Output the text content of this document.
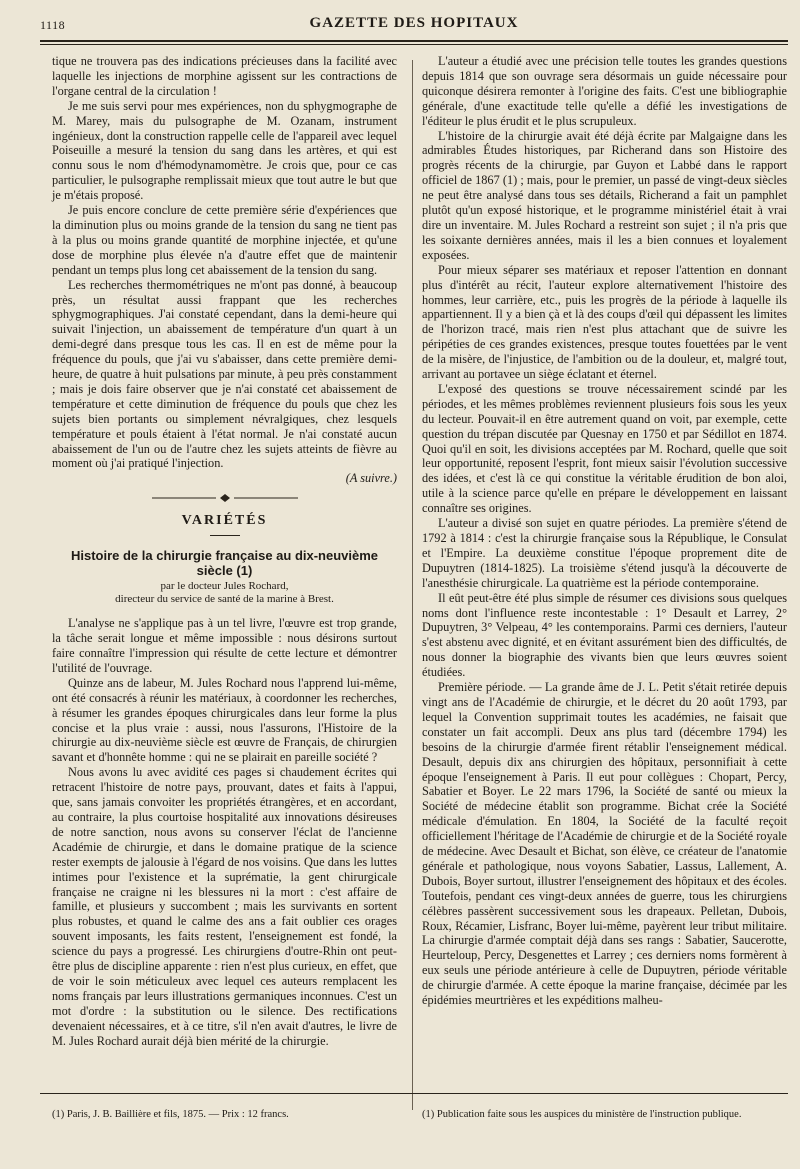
1118	GAZETTE DES HOPITAUX

tique ne trouvera pas des indications précieuses dans la facilité avec laquelle les injections de morphine agissent sur les contractions de l'organe central de la circulation !

Je me suis servi pour mes expériences, non du sphygmographe de M. Marey, mais du pulsographe de M. Ozanam, instrument ingénieux, dont la construction rappelle celle de l'appareil avec lequel Poiseuille a mesuré la tension du sang dans les artères, et qui est connu sous le nom d'hémodynamomètre. Je crois que, pour ce cas particulier, le pulsographe remplissait mieux que tout autre le but que je m'étais proposé.

Je puis encore conclure de cette première série d'expériences que la diminution plus ou moins grande de la tension du sang ne tient pas à la plus ou moins grande quantité de morphine injectée, et qu'une dose de morphine plus élevée n'a d'autre effet que de maintenir pendant un temps plus long cet abaissement de la tension du sang.

Les recherches thermométriques ne m'ont pas donné, à beaucoup près, un résultat aussi frappant que les recherches sphygmographiques. J'ai constaté cependant, dans la demi-heure qui suivait l'injection, un abaissement de température d'un quart à un demi-degré dans presque tous les cas. Il en est de même pour la fréquence du pouls, que j'ai vu s'abaisser, dans cette première demi-heure, de quatre à huit pulsations par minute, à peu près constamment ; mais je dois faire observer que je n'ai constaté cet abaissement de température et cette diminution de fréquence du pouls que chez les sujets bien portants ou simplement névralgiques, chez lesquels température et pouls étaient à l'état normal. Je n'ai constaté aucun abaissement de l'un ou de l'autre chez les sujets atteints de fièvre au moment où j'ai pratiqué l'injection.

(A suivre.)

VARIÉTÉS
Histoire de la chirurgie française au dix-neuvième siècle (1)
par le docteur Jules Rochard,
directeur du service de santé de la marine à Brest.

L'analyse ne s'applique pas à un tel livre, l'œuvre est trop grande, la tâche serait longue et même impossible : nous désirons surtout faire connaître l'impression qui résulte de cette lecture et démontrer l'utilité de l'ouvrage.

Quinze ans de labeur, M. Jules Rochard nous l'apprend lui-même, ont été consacrés à réunir les matériaux, à coordonner les recherches, à résumer les grandes époques chirurgicales dans leur forme la plus concise et la plus vraie : aussi, nous l'assurons, l'Histoire de la chirurgie au dix-neuvième siècle est œuvre de Français, de chirurgien savant et d'honnête homme : qui ne se plairait en pareille société ?

Nous avons lu avec avidité ces pages si chaudement écrites qui retracent l'histoire de notre pays, prouvant, dates et faits à l'appui, que, sans jamais convoiter les propriétés étrangères, et en accordant, au contraire, la plus courtoise hospitalité aux innovations désireuses de notre sanction, nous avons su conserver l'éclat de l'ancienne Académie de chirurgie, et dans le domaine pratique de la science rester exempts de jalousie à l'égard de nos voisins. Que dans les luttes intimes pour l'existence et la suprématie, la gent chirurgicale française ne craigne ni les blessures ni la mort : c'est affaire de famille, et plusieurs y succombent ; mais les survivants en sortent plus robustes, et quand le calme des ans a fait oublier ces orages souvent imposants, les faits restent, l'enseignement est fondé, la science du pays a progressé. Les chirurgiens d'outre-Rhin ont peut-être plus de discipline apparente : rien n'est plus curieux, en effet, que de voir le soin méticuleux avec lequel ces auteurs remplacent les noms français par leurs illustrations germaniques inconnues. C'est un mot d'ordre : la substitution ou le silence. Des rectifications devenaient nécessaires, et à ce titre, s'il n'en avait d'autres, le livre de M. Jules Rochard aurait déjà bien mérité de la chirurgie.

L'auteur a étudié avec une précision telle toutes les grandes questions depuis 1814 que son ouvrage sera désormais un guide nécessaire pour quiconque désirera remonter à l'origine des faits. C'est une bibliographie générale, d'une exactitude telle qu'elle a défié les investigations de l'éditeur le plus érudit et le plus scrupuleux.

L'histoire de la chirurgie avait été déjà écrite par Malgaigne dans les admirables Études historiques, par Richerand dans son Histoire des progrès récents de la chirurgie, par Guyon et Labbé dans le rapport officiel de 1867 (1) ; mais, pour le premier, un passé de vingt-deux siècles ne peut être analysé dans tous ses détails, Richerand a fait un pamphlet plutôt qu'un exposé historique, et le programme ministériel était à vrai dire un inventaire. M. Jules Rochard a restreint son sujet ; il n'a pris que les soixante dernières années, mais il les a bien connues et loyalement exposées.

Pour mieux séparer ses matériaux et reposer l'attention en donnant plus d'intérêt au récit, l'auteur explore alternativement l'histoire des hommes, leur carrière, etc., puis les progrès de la période à laquelle ils appartiennent. Il y a bien çà et là des coups d'œil qui dépassent les limites de l'horizon tracé, mais rien n'est plus attachant que de suivre les péripéties de ces grandes existences, presque toutes fouettées par le vent de la misère, de l'injustice, de l'ambition ou de la douleur, et, malgré tout, arrivant au portavee un siège éclatant et éternel.

L'exposé des questions se trouve nécessairement scindé par les périodes, et les mêmes problèmes reviennent plusieurs fois sous les yeux du lecteur. Pouvait-il en être autrement quand on voit, par exemple, cette question du trépan discutée par Quesnay en 1750 et par Sédillot en 1874. Quoi qu'il en soit, les divisions acceptées par M. Rochard, quelle que soit leur opportunité, reposent l'esprit, font mieux saisir l'évolution successive des idées, et c'est là ce qui constitue la véritable érudition de bon aloi, utile à la science parce qu'elle en prépare le développement en laissant connaître ses origines.

L'auteur a divisé son sujet en quatre périodes. La première s'étend de 1792 à 1814 : c'est la chirurgie française sous la République, le Consulat et l'Empire. La deuxième constitue l'époque proprement dite de Dupuytren (1814-1825). La troisième s'étend jusqu'à la découverte de l'anesthésie chirurgicale. La quatrième est la période contemporaine.

Il eût peut-être été plus simple de résumer ces divisions sous quelques noms dont l'influence reste incontestable : 1° Desault et Larrey, 2° Dupuytren, 3° Velpeau, 4° les contemporains. Parmi ces derniers, l'auteur s'est abstenu avec dignité, et en évitant assurément bien des difficultés, de nous donner la biographie des vivants bien que leurs œuvres soient étudiées.

Première période. — La grande âme de J. L. Petit s'était retirée depuis vingt ans de l'Académie de chirurgie, et le décret du 20 août 1793, par lequel la Convention supprimait toutes les académies, ne faisait que constater un fait accompli. Deux ans plus tard (décembre 1794) les besoins de la chirurgie d'armée firent rétablir l'enseignement médical. Desault, depuis dix ans chirurgien des hôpitaux, personnifiait à cette époque l'enseignement à Paris. Il eut pour collègues : Chopart, Percy, Sabatier et Boyer. Le 22 mars 1796, la Société de santé ou mieux la Société de médecine établit son programme. Bichat crée la Société médicale d'émulation. En 1804, la Société de la faculté reçoit officiellement l'héritage de l'Académie de chirurgie et de la Société royale de médecine. Avec Desault et Bichat, son élève, ce créateur de l'anatomie générale et pathologique, nous voyons Sabatier, Lassus, Lallement, A. Dubois, Boyer surtout, illustrer l'enseignement des hôpitaux et des écoles. Toutefois, pendant ces vingt-deux années de guerre, tous les chirurgiens célèbres passèrent successivement sous les drapeaux. Pelletan, Dubois, Roux, Récamier, Lisfranc, Boyer lui-même, payèrent leur tribut militaire. La chirurgie d'armée comptait déjà dans ses rangs : Sabatier, Saucerotte, Heurteloup, Percy, Desgenettes et Larrey ; ces derniers noms formèrent à eux seuls une période antérieure à celle de Dupuytren, période véritable de chirurgie d'armée. A cette époque la marine française, décimée par les épidémies meurtrières et les expéditions malheu-

(1) Paris, J. B. Baillière et fils, 1875. — Prix : 12 francs.	(1) Publication faite sous les auspices du ministère de l'instruction publique.
